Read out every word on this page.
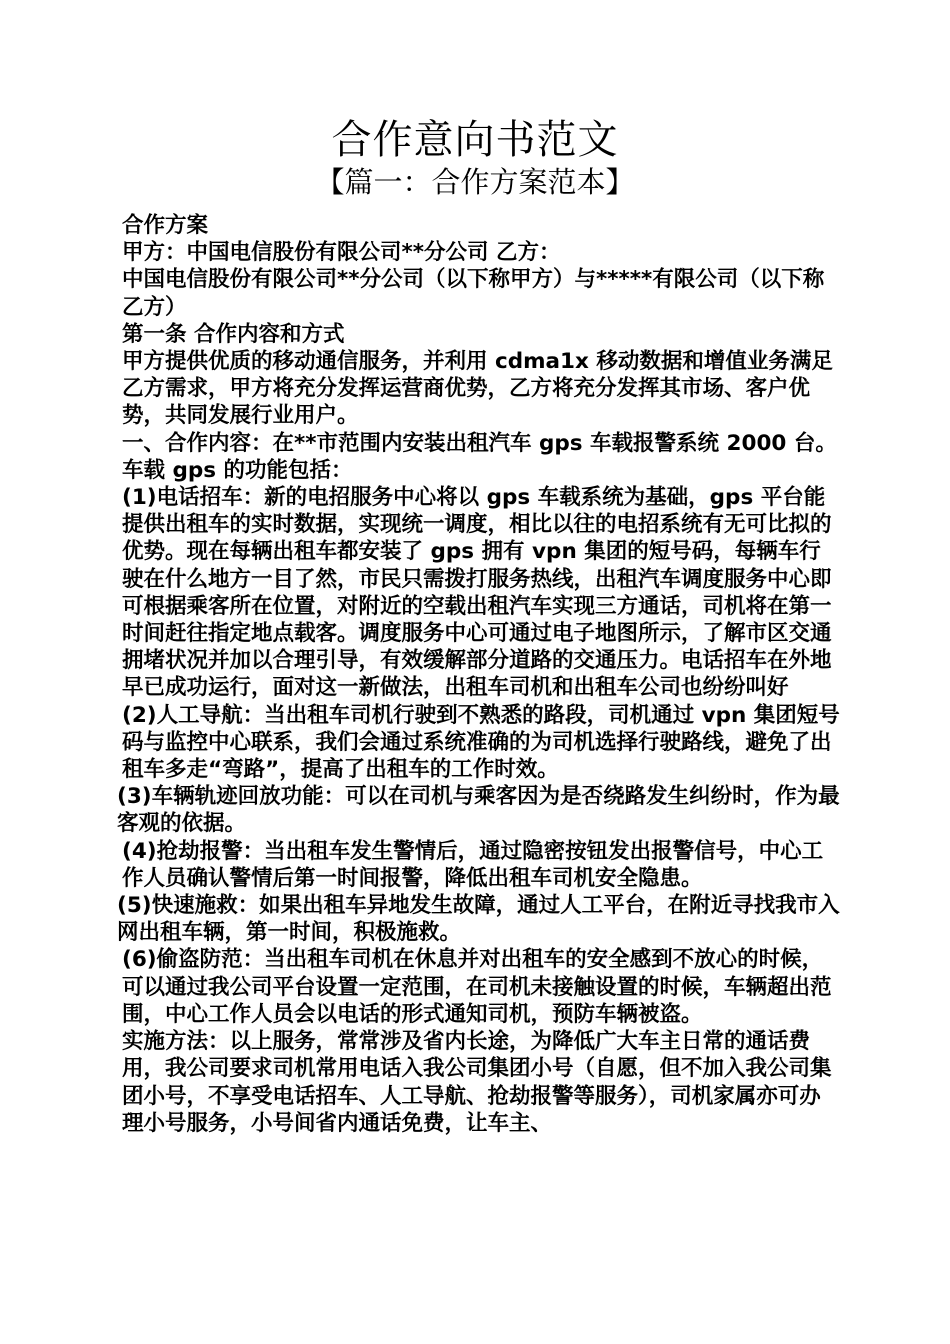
合作意向书范文
【篇一：合作方案范本】

合作方案

甲方：中国电信股份有限公司**分公司 乙方：

中国电信股份有限公司**分公司（以下称甲方）与*****有限公司（以下称乙方）

第一条 合作内容和方式

甲方提供优质的移动通信服务，并利用 cdma1x 移动数据和增值业务满足乙方需求，甲方将充分发挥运营商优势，乙方将充分发挥其市场、客户优势，共同发展行业用户。

一、合作内容：在**市范围内安装出租汽车 gps 车载报警系统 2000 台。车载 gps 的功能包括：

(1)电话招车：新的电招服务中心将以 gps 车载系统为基础，gps 平台能提供出租车的实时数据，实现统一调度，相比以往的电招系统有无可比拟的优势。现在每辆出租车都安装了 gps 拥有 vpn 集团的短号码，每辆车行驶在什么地方一目了然，市民只需拨打服务热线，出租汽车调度服务中心即可根据乘客所在位置，对附近的空载出租汽车实现三方通话，司机将在第一时间赶往指定地点载客。调度服务中心可通过电子地图所示，了解市区交通拥堵状况并加以合理引导，有效缓解部分道路的交通压力。电话招车在外地早已成功运行，面对这一新做法，出租车司机和出租车公司也纷纷叫好

(2)人工导航：当出租车司机行驶到不熟悉的路段，司机通过 vpn 集团短号码与监控中心联系，我们会通过系统准确的为司机选择行驶路线，避免了出租车多走“弯路”，提高了出租车的工作时效。

(3)车辆轨迹回放功能：可以在司机与乘客因为是否绕路发生纠纷时，作为最客观的依据。

(4)抢劫报警：当出租车发生警情后，通过隐密按钮发出报警信号，中心工作人员确认警情后第一时间报警，降低出租车司机安全隐患。

(5)快速施救：如果出租车异地发生故障，通过人工平台，在附近寻找我市入网出租车辆，第一时间，积极施救。

(6)偷盗防范：当出租车司机在休息并对出租车的安全感到不放心的时候，可以通过我公司平台设置一定范围，在司机未接触设置的时候，车辆超出范围，中心工作人员会以电话的形式通知司机，预防车辆被盗。

实施方法：以上服务，常常涉及省内长途，为降低广大车主日常的通话费用，我公司要求司机常用电话入我公司集团小号（自愿，但不加入我公司集团小号，不享受电话招车、人工导航、抢劫报警等服务），司机家属亦可办理小号服务，小号间省内通话免费，让车主、
